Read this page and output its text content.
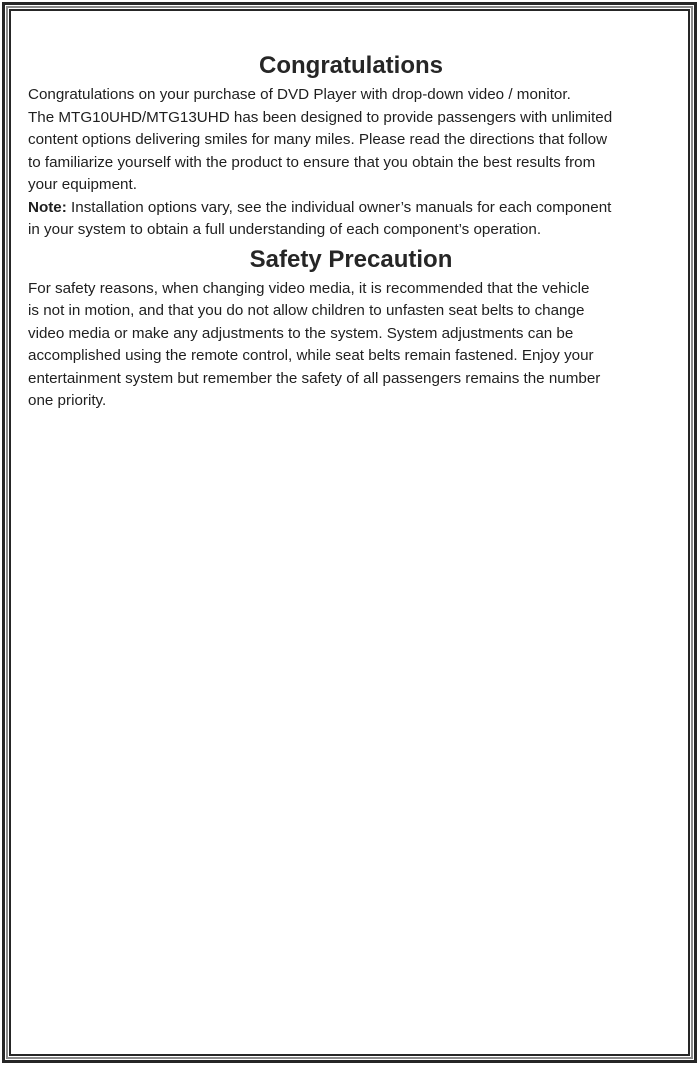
Congratulations

Congratulations on your purchase of DVD Player with drop-down video / monitor.
The MTG10UHD/MTG13UHD has been designed to provide passengers with unlimited
content options delivering smiles for many miles. Please read the directions that follow
to familiarize yourself with the product to ensure that you obtain the best results from
your equipment.

Note: Installation options vary, see the individual owner’s manuals for each component
in your system to obtain a full understanding of each component’s operation.

Safety Precaution

For safety reasons, when changing video media, it is recommended that the vehicle
is not in motion, and that you do not allow children to unfasten seat belts to change
video media or make any adjustments to the system. System adjustments can be
accomplished using the remote control, while seat belts remain fastened. Enjoy your
entertainment system but remember the safety of all passengers remains the number
one priority.
